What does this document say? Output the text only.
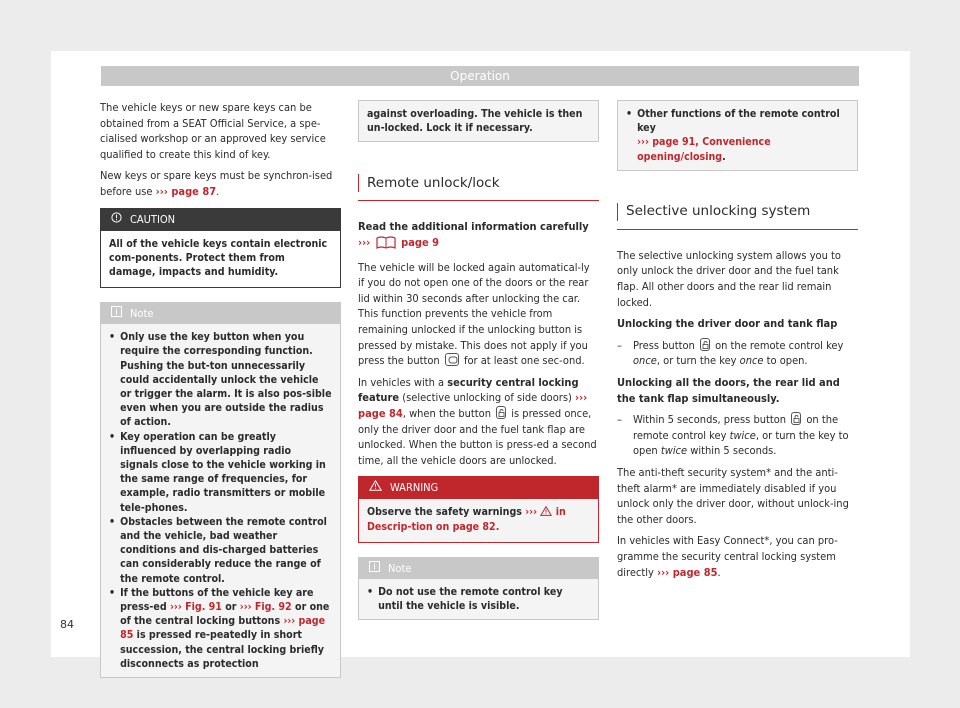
Operation

The vehicle keys or new spare keys can be obtained from a SEAT Official Service, a spe-cialised workshop or an approved key service qualified to create this kind of key.

New keys or spare keys must be synchron-ised before use ››› page 87.

CAUTION
All of the vehicle keys contain electronic com-ponents. Protect them from damage, impacts and humidity.
Note
• Only use the key button when you require the corresponding function. Pushing the but-ton unnecessarily could accidentally unlock the vehicle or trigger the alarm. It is also pos-sible even when you are outside the radius of action.
• Key operation can be greatly influenced by overlapping radio signals close to the vehicle working in the same range of frequencies, for example, radio transmitters or mobile tele-phones.
• Obstacles between the remote control and the vehicle, bad weather conditions and dis-charged batteries can considerably reduce the range of the remote control.
• If the buttons of the vehicle key are press-ed ››› Fig. 91 or ››› Fig. 92 or one of the central locking buttons ››› page 85 is pressed re-peatedly in short succession, the central locking briefly disconnects as protection
against overloading. The vehicle is then un-locked. Lock it if necessary.
Remote unlock/lock

Read the additional information carefully
›››	page 9

The vehicle will be locked again automatical-ly if you do not open one of the doors or the rear lid within 30 seconds after unlocking the car. This function prevents the vehicle from remaining unlocked if the unlocking button is pressed by mistake. This does not apply if you press the button
for at least one sec-ond.

In vehicles with a security central locking feature (selective unlocking of side doors) ››› page 84, when the button
is pressed once, only the driver door and the fuel tank flap are unlocked. When the button is press-ed a second time, all the vehicle doors are unlocked.

WARNING
Observe the safety warnings ›››  in Descrip-tion on page 82.
Note
• Do not use the remote control key until the vehicle is visible.
• Other functions of the remote control key
››› page 91, Convenience opening/closing.
Selective unlocking system

The selective unlocking system allows you to only unlock the driver door and the fuel tank flap. All other doors and the rear lid remain locked.

Unlocking the driver door and tank flap

– Press button
on the remote control key once, or turn the key once to open.

Unlocking all the doors, the rear lid and the tank flap simultaneously.

– Within 5 seconds, press button
on the remote control key twice, or turn the key to open twice within 5 seconds.

The anti-theft security system* and the anti-theft alarm* are immediately disabled if you unlock only the driver door, without unlock-ing the other doors.

In vehicles with Easy Connect*, you can pro-gramme the security central locking system directly ››› page 85.

84
